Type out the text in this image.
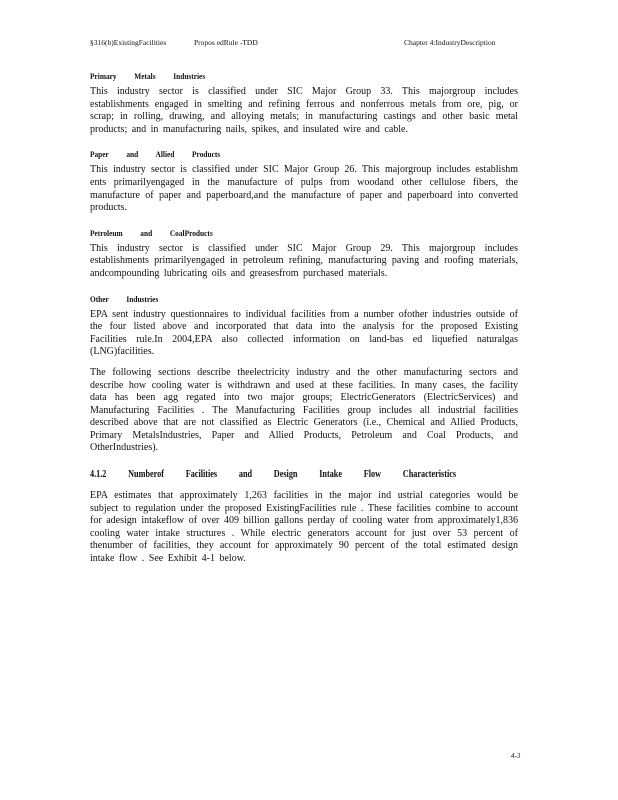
§316(b)ExistingFacilities	Propos edRule -TDD	Chapter 4:IndustryDescription
Primary Metals Industries

This industry sector is classified under SIC Major Group 33. This majorgroup includes establishments engaged in smelting and refining ferrous and nonferrous metals from ore, pig, or scrap; in rolling, drawing, and alloying metals; in manufacturing castings and other basic metal products; and in manufacturing nails, spikes, and insulated wire and cable.

Paper and Allied Products

This industry sector is classified under SIC Major Group 26. This majorgroup includes establishm ents primarilyengaged in the manufacture of pulps from woodand other cellulose fibers, the manufacture of paper and paperboard,and the manufacture of paper and paperboard into converted products.

Petroleum and CoalProducts

This industry sector is classified under SIC Major Group 29. This majorgroup includes establishments primarilyengaged in petroleum refining, manufacturing paving and roofing materials, andcompounding lubricating oils and greasesfrom purchased materials.

Other Industries

EPA sent industry questionnaires to individual facilities from a number ofother industries outside of the four listed above and incorporated that data into the analysis for the proposed Existing Facilities rule.In 2004,EPA also collected information on land-bas ed liquefied naturalgas (LNG)facilities.

The following sections describe theelectricity industry and the other manufacturing sectors and describe how cooling water is withdrawn and used at these facilities. In many cases, the facility data has been agg regated into two major groups; ElectricGenerators (ElectricServices) and Manufacturing Facilities . The Manufacturing Facilities group includes all industrial facilities described above that are not classified as Electric Generators (i.e., Chemical and Allied Products, Primary MetalsIndustries, Paper and Allied Products, Petroleum and Coal Products, and OtherIndustries).

4.1.2 Numberof Facilities and Design Intake Flow Characteristics

EPA estimates that approximately 1,263 facilities in the major ind ustrial categories would be subject to regulation under the proposed ExistingFacilities rule . These facilities combine to account for adesign intakeflow of over 409 billion gallons perday of cooling water from approximately1,836 cooling water intake structures . While electric generators account for just over 53 percent of thenumber of facilities, they account for approximately 90 percent of the total estimated design intake flow . See Exhibit 4-1 below.

4-3
